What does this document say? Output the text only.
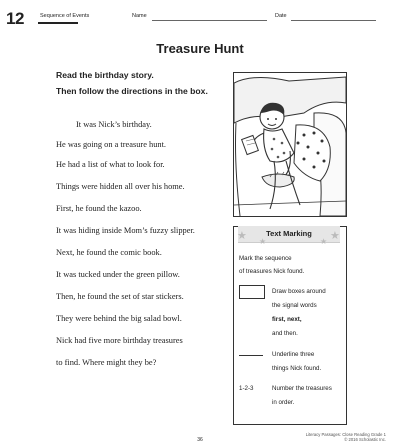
12	Sequence of Events	Name	Date
Treasure Hunt
Read the birthday story.
Then follow the directions in the box.
It was Nick’s birthday.
He was going on a treasure hunt.
He had a list of what to look for.
Things were hidden all over his home.
First, he found the kazoo.
It was hiding inside Mom’s fuzzy slipper.
Next, he found the comic book.
It was tucked under the green pillow.
Then, he found the set of star stickers.
They were behind the big salad bowl.
Nick had five more birthday treasures
to find. Where might they be?
★ ★	★
★
Text Marking
Mark the sequence
of treasures Nick found.
Draw boxes around
the signal words
first, next,
and then.
Underline three
things Nick found.
1-2-3	Number the treasures
in order.
36
Literacy Passages: Close Reading Grade 1
© 2016 Scholastic Inc.
